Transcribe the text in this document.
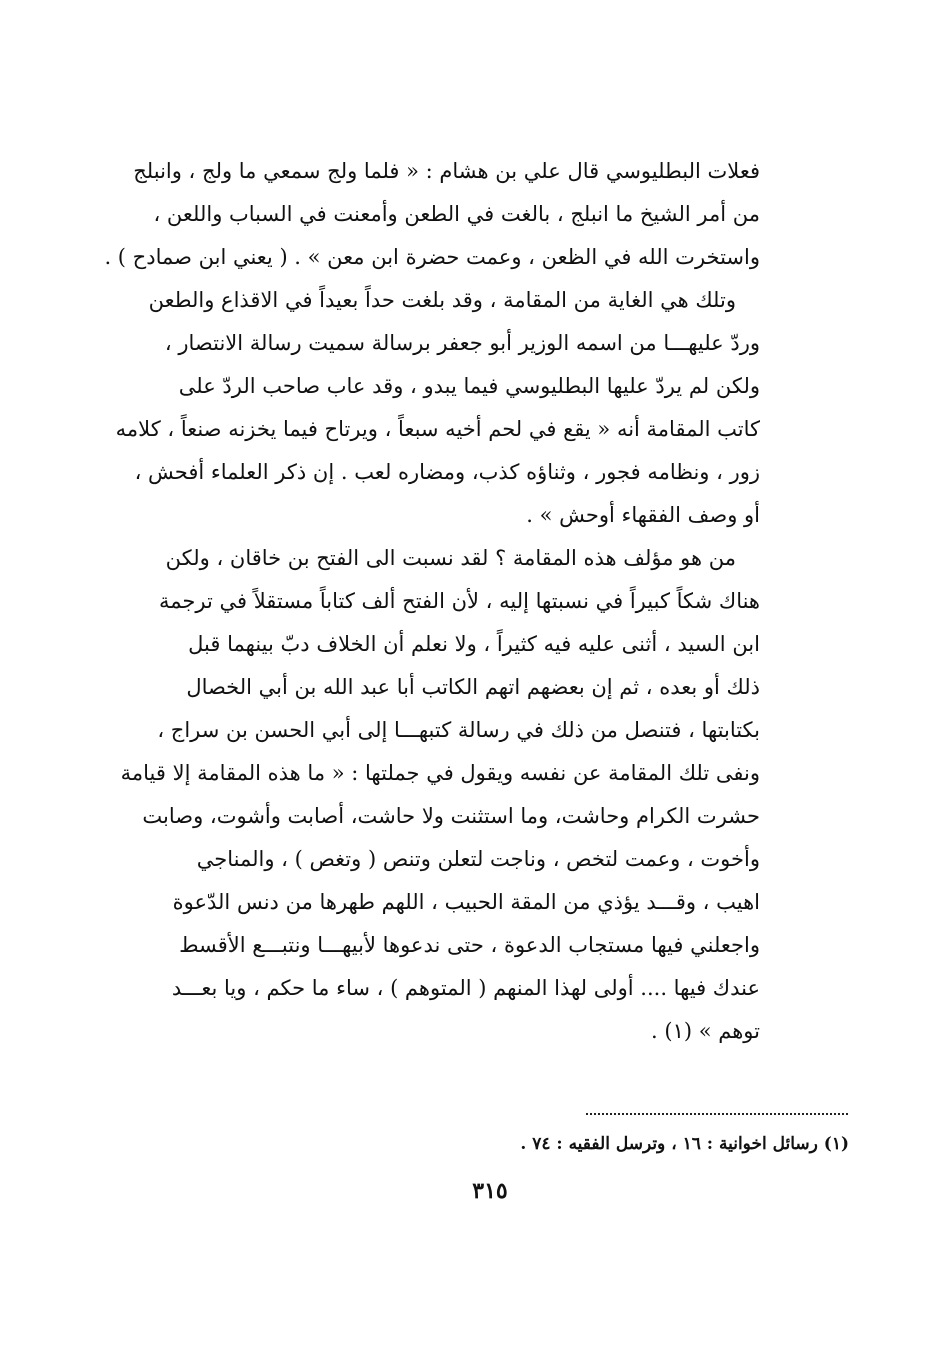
فعلات البطليوسي قال علي بن هشام : « فلما ولج سمعي ما ولج ، وانبلج
من أمر الشيخ ما انبلج ، بالغت في الطعن وأمعنت في السباب واللعن ،
واستخرت الله في الظعن ، وعمت حضرة ابن معن » . ( يعني ابن صمادح ) .
وتلك هي الغاية من المقامة ، وقد بلغت حداً بعيداً في الاقذاع والطعن
وردّ عليهـــا من اسمه الوزير أبو جعفر برسالة سميت رسالة الانتصار ،
ولكن لم يردّ عليها البطليوسي فيما يبدو ، وقد عاب صاحب الردّ على
كاتب المقامة أنه « يقع في لحم أخيه سبعاً ، ويرتاح فيما يخزنه صنعاً ، كلامه
زور ، ونظامه فجور ، وثناؤه كذب، ومضاره لعب . إن ذكر العلماء أفحش ،
أو وصف الفقهاء أوحش » .
من هو مؤلف هذه المقامة ؟ لقد نسبت الى الفتح بن خاقان ، ولكن
هناك شكاً كبيراً في نسبتها إليه ، لأن الفتح ألف كتاباً مستقلاً في ترجمة
ابن السيد ، أثنى عليه فيه كثيراً ، ولا نعلم أن الخلاف دبّ بينهما قبل
ذلك أو بعده ، ثم إن بعضهم اتهم الكاتب أبا عبد الله بن أبي الخصال
بكتابتها ، فتنصل من ذلك في رسالة كتبهـــا إلى أبي الحسن بن سراج ،
ونفى تلك المقامة عن نفسه ويقول في جملتها : « ما هذه المقامة إلا قيامة
حشرت الكرام وحاشت، وما استثنت ولا حاشت، أصابت وأشوت، وصابت
وأخوت ، وعمت لتخص ، وناجت لتعلن وتنص ( وتغص ) ، والمناجي
اهيب ، وقـــد يؤذي من المقة الحبيب ، اللهم طهرها من دنس الدّعوة
واجعلني فيها مستجاب الدعوة ، حتى ندعوها لأبيهـــا ونتبـــع الأقسط
عندك فيها .... أولى لهذا المنهم ( المتوهم ) ، ساء ما حكم ، ويا بعـــد
توهم » (١) .
(١) رسائل اخوانية : ١٦ ، وترسل الفقيه : ٧٤ .
٣١٥
